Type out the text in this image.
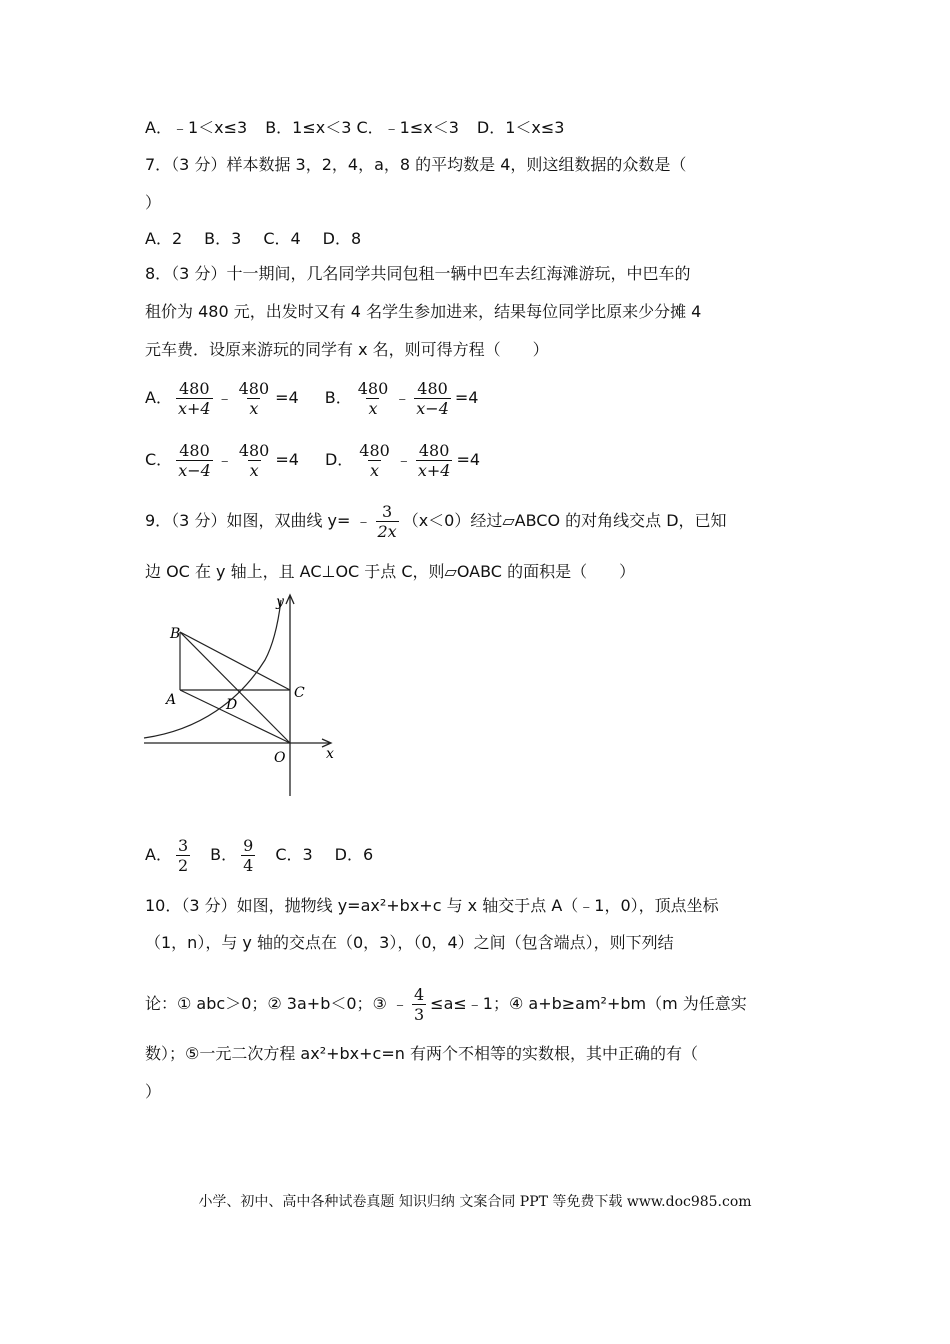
A．﹣1＜x≤3 B．1≤x＜3 C．﹣1≤x＜3 D．1＜x≤3
7．（3 分）样本数据 3，2，4，a，8 的平均数是 4，则这组数据的众数是（
）
A．2 B．3 C．4 D．8
8．（3 分）十一期间，几名同学共同包租一辆中巴车去红海滩游玩，中巴车的
租价为 480 元，出发时又有 4 名学生参加进来，结果每位同学比原来少分摊 4
元车费．设原来游玩的同学有 x 名，则可得方程（　　）
A． $\frac{480}{x+4}$ ﹣ $\frac{480}{x} =4$ B． $\frac{480}{x}$ ﹣ $\frac{480}{x-4} =4$
C． $\frac{480}{x-4}$ ﹣ $\frac{480}{x} =4$ D． $\frac{480}{x}$ ﹣ $\frac{480}{x+4} =4$
9．（3 分）如图，双曲线 y= ﹣ $\frac{3}{2x} (x<0)$经过▱ABCO 的对角线交点 D，已知
边 OC 在 y 轴上，且 AC⊥OC 于点 C，则▱OABC 的面积是（　　）
y
x
B
A	C
D
O
A． $\frac{3}{2}$ B． $\frac{9}{4}$ C．3 D．6
10．（3 分）如图，抛物线 y=ax²+bx+c 与 x 轴交于点 A（﹣1，0），顶点坐标
（1，n），与 y 轴的交点在（0，3），（0，4）之间（包含端点），则下列结
论：① abc＞0；② 3a+b＜0；③ ﹣ $\frac{4}{3}$ ≤a≤﹣1；④ a+b≥am²+bm（m 为任意实
数）；⑤一元二次方程 ax²+bx+c=n 有两个不相等的实数根，其中正确的有（
）
小学、初中、高中各种试卷真题 知识归纳 文案合同 PPT 等免费下载 www.doc985.com
